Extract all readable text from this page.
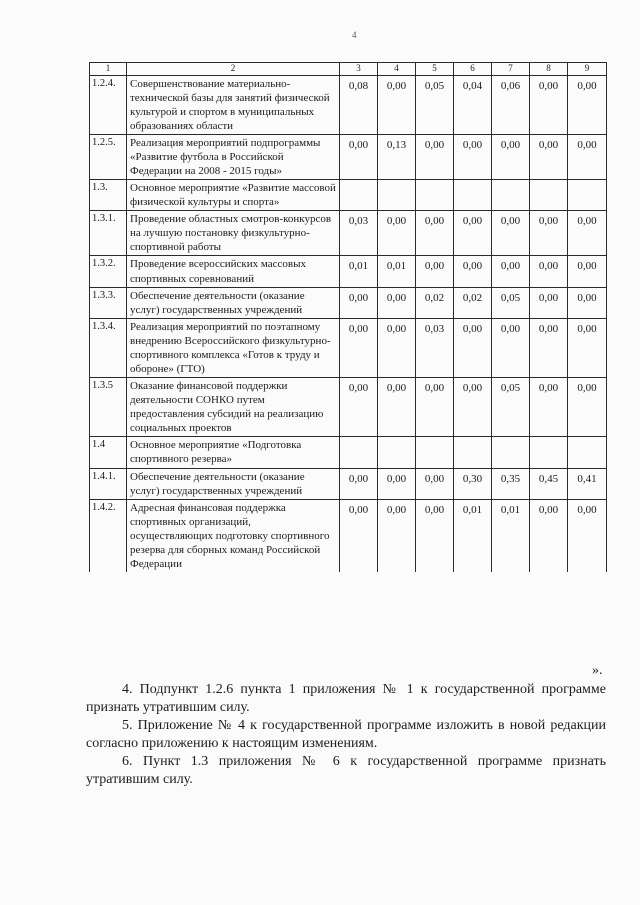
4
1	2	3	4	5	6	7	8	9
1.2.4.	Совершенствование материально-технической базы для занятий физической культурой и спортом в муниципальных образованиях области	0,08	0,00	0,05	0,04	0,06	0,00	0,00
1.2.5.	Реализация мероприятий подпрограммы «Развитие футбола в Российской Федерации на 2008 - 2015 годы»	0,00	0,13	0,00	0,00	0,00	0,00	0,00
1.3.	Основное мероприятие «Развитие массовой физической культуры и спорта»							
1.3.1.	Проведение областных смотров-конкурсов на лучшую постановку физкультурно-спортивной работы	0,03	0,00	0,00	0,00	0,00	0,00	0,00
1.3.2.	Проведение всероссийских массовых спортивных соревнований	0,01	0,01	0,00	0,00	0,00	0,00	0,00
1.3.3.	Обеспечение деятельности (оказание услуг) государственных учреждений	0,00	0,00	0,02	0,02	0,05	0,00	0,00
1.3.4.	Реализация мероприятий по поэтапному внедрению Всероссийского физкультурно-спортивного комплекса «Готов к труду и обороне» (ГТО)	0,00	0,00	0,03	0,00	0,00	0,00	0,00
1.3.5	Оказание финансовой поддержки деятельности СОНКО путем предоставления субсидий на реализацию социальных проектов	0,00	0,00	0,00	0,00	0,05	0,00	0,00
1.4	Основное мероприятие «Подготовка спортивного резерва»							
1.4.1.	Обеспечение деятельности (оказание услуг) государственных учреждений	0,00	0,00	0,00	0,30	0,35	0,45	0,41
1.4.2.	Адресная финансовая поддержка спортивных организаций, осуществляющих подготовку спортивного резерва для сборных команд Российской Федерации	0,00	0,00	0,00	0,01	0,01	0,00	0,00
».
4. Подпункт 1.2.6 пункта 1 приложения № 1 к государственной программе признать утратившим силу.
5. Приложение № 4 к государственной программе изложить в новой редакции согласно приложению к настоящим изменениям.
6. Пункт 1.3 приложения № 6 к государственной программе признать утратившим силу.
